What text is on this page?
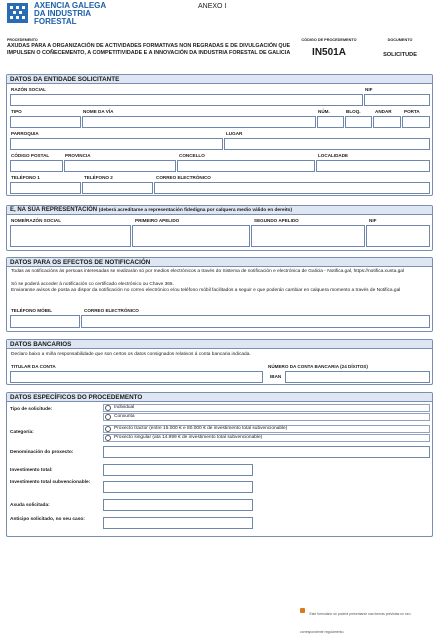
AXENCIA GALEGA
DA INDUSTRIA
FORESTAL
ANEXO I
PROCEDEMENTO
AXUDAS PARA A ORGANIZACIÓN DE ACTIVIDADES FORMATIVAS NON REGRADAS E DE DIVULGACIÓN QUE IMPULSEN O COÑECEMENTO, A COMPETITIVIDADE E A INNOVACIÓN DA INDUSTRIA FORESTAL DE GALICIA
CÓDIGO DE PROCEDEMENTO
IN501A
DOCUMENTO
SOLICITUDE
DATOS DA ENTIDADE SOLICITANTE
RAZÓN SOCIAL	NIF
TIPO	NOME DA VÍA	NÚM.	BLOQ.	ANDAR	PORTA
PARROQUIA	LUGAR
CÓDIGO POSTAL	PROVINCIA	CONCELLO	LOCALIDADE
TELÉFONO 1	TELÉFONO 2	CORREO ELECTRÓNICO
E, NA SÚA REPRESENTACIÓN (deberá acreditarse a representación fidedigna por calquera medio válido en dereito)
NOME/RAZÓN SOCIAL	PRIMEIRO APELIDO	SEGUNDO APELIDO	NIF
DATOS PARA OS EFECTOS DE NOTIFICACIÓN
Todas as notificacións ás persoas interesadas se realizarán só por medios electrónicos a través do Sistema de notificación e electrónica de Galicia - Notifica.gal, https://notifica.xunta.gal
Só se poderá acceder á notificación co certificado electrónico ou Chave 365.
Enviaranse avisos de posta ao dispor da notificación no correo electrónico e/ou teléfono móbil facilitados a seguir e que poderán cambiar en calquera momento a través de Notifica.gal
TELÉFONO MÓBIL	CORREO ELECTRÓNICO
DATOS BANCARIOS
Declaro baixo a miña responsabilidade que son certos os datos consignados relativos á conta bancaria indicada.
TITULAR DA CONTA	NÚMERO DA CONTA BANCARIA (24 DÍXITOS)
IBAN
DATOS ESPECÍFICOS DO PROCEDEMENTO
Tipo de solicitude:	Individual
Conxunta
Categoría:
Proxecto tractor (entre 15.000 € e 80.000 € de investimento total subvencionable)
Proxecto singular (ata 14.999 € de investimento total subvencionable)
Denominación do proxecto:
Investimento total:
Investimento total subvencionable:
Axuda solicitada:
Anticipo solicitado, no seu caso:
Este formulario só poderá presentarse nas formas previstas no seu correspondente regulamento.
